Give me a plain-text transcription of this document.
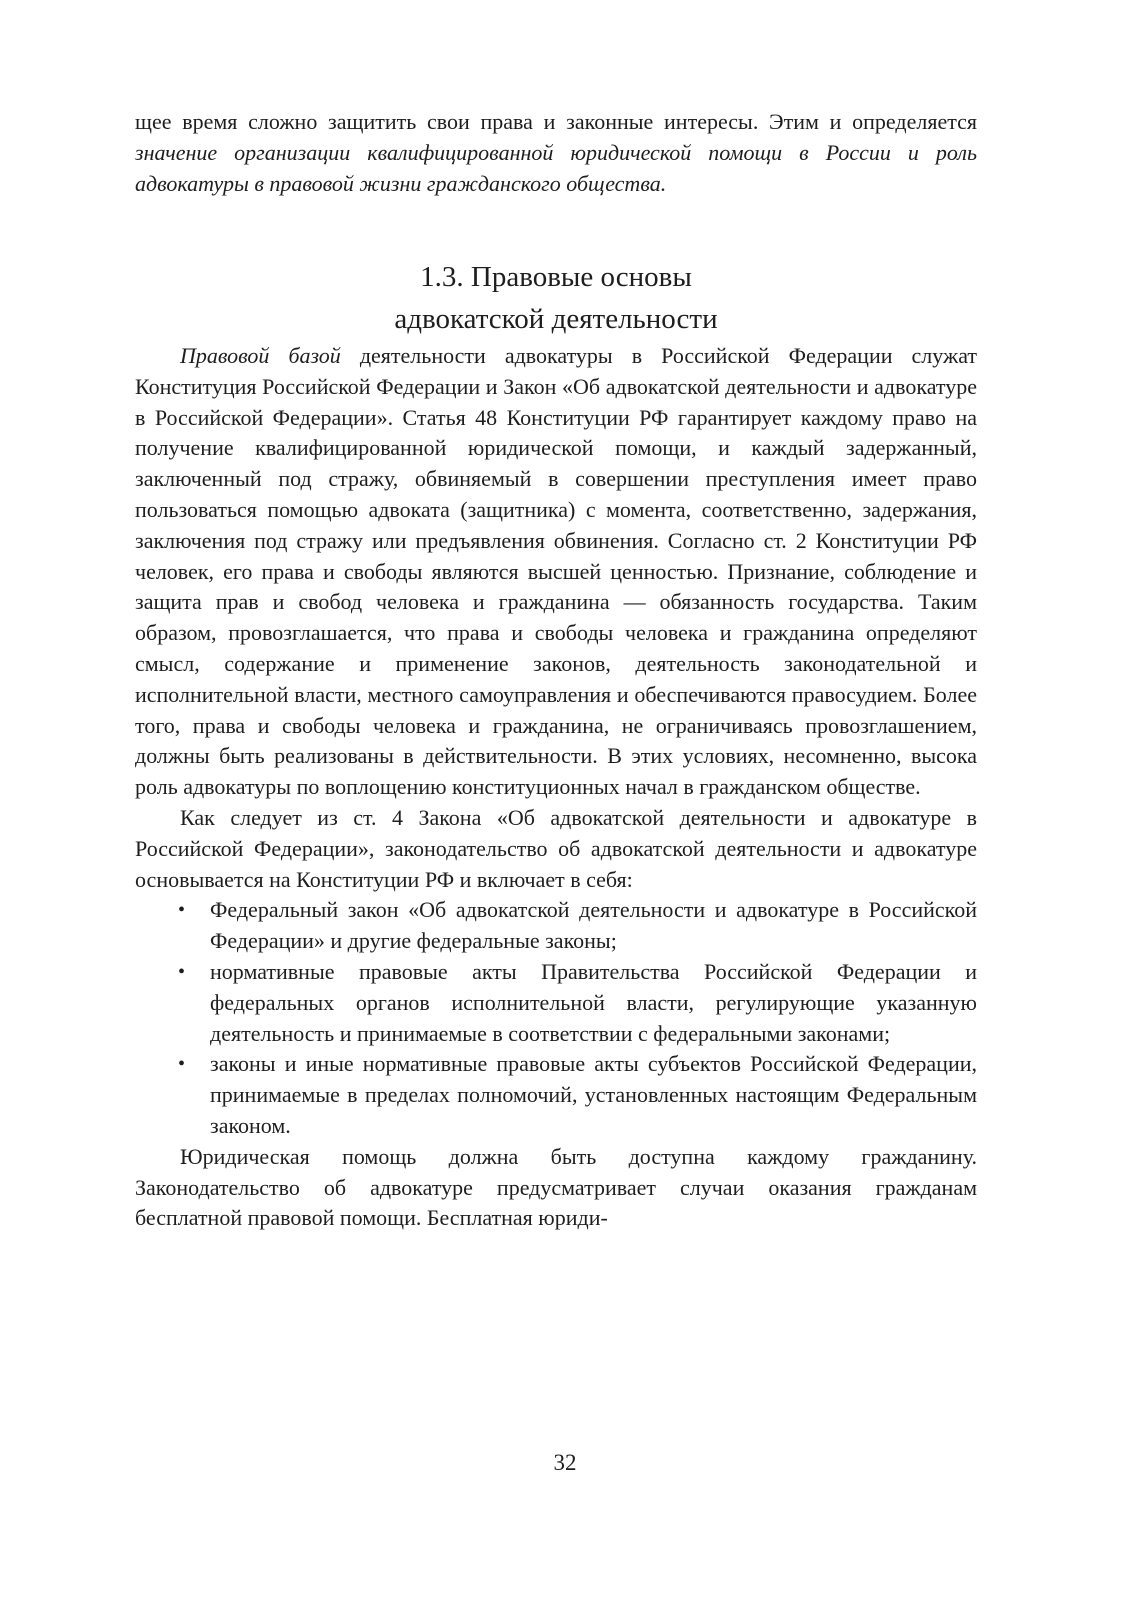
щее время сложно защитить свои права и законные интересы. Этим и определяется значение организации квалифицированной юридической помощи в России и роль адвокатуры в правовой жизни гражданского общества.

1.3. Правовые основы
адвокатской деятельности

Правовой базой деятельности адвокатуры в Российской Федерации служат Конституция Российской Федерации и Закон «Об адвокатской деятельности и адвокатуре в Российской Федерации». Статья 48 Конституции РФ гарантирует каждому право на получение квалифицированной юридической помощи, и каждый задержанный, заключенный под стражу, обвиняемый в совершении преступления имеет право пользоваться помощью адвоката (защитника) с момента, соответственно, задержания, заключения под стражу или предъявления обвинения. Согласно ст. 2 Конституции РФ человек, его права и свободы являются высшей ценностью. Признание, соблюдение и защита прав и свобод человека и гражданина — обязанность государства. Таким образом, провозглашается, что права и свободы человека и гражданина определяют смысл, содержание и применение законов, деятельность законодательной и исполнительной власти, местного самоуправления и обеспечиваются правосудием. Более того, права и свободы человека и гражданина, не ограничиваясь провозглашением, должны быть реализованы в действительности. В этих условиях, несомненно, высока роль адвокатуры по воплощению конституционных начал в гражданском обществе.

Как следует из ст. 4 Закона «Об адвокатской деятельности и адвокатуре в Российской Федерации», законодательство об адвокатской деятельности и адвокатуре основывается на Конституции РФ и включает в себя:

• Федеральный закон «Об адвокатской деятельности и адвокатуре в Российской Федерации» и другие федеральные законы;
• нормативные правовые акты Правительства Российской Федерации и федеральных органов исполнительной власти, регулирующие указанную деятельность и принимаемые в соответствии с федеральными законами;
• законы и иные нормативные правовые акты субъектов Российской Федерации, принимаемые в пределах полномочий, установленных настоящим Федеральным законом.

Юридическая помощь должна быть доступна каждому гражданину. Законодательство об адвокатуре предусматривает случаи оказания гражданам бесплатной правовой помощи. Бесплатная юриди-

32
